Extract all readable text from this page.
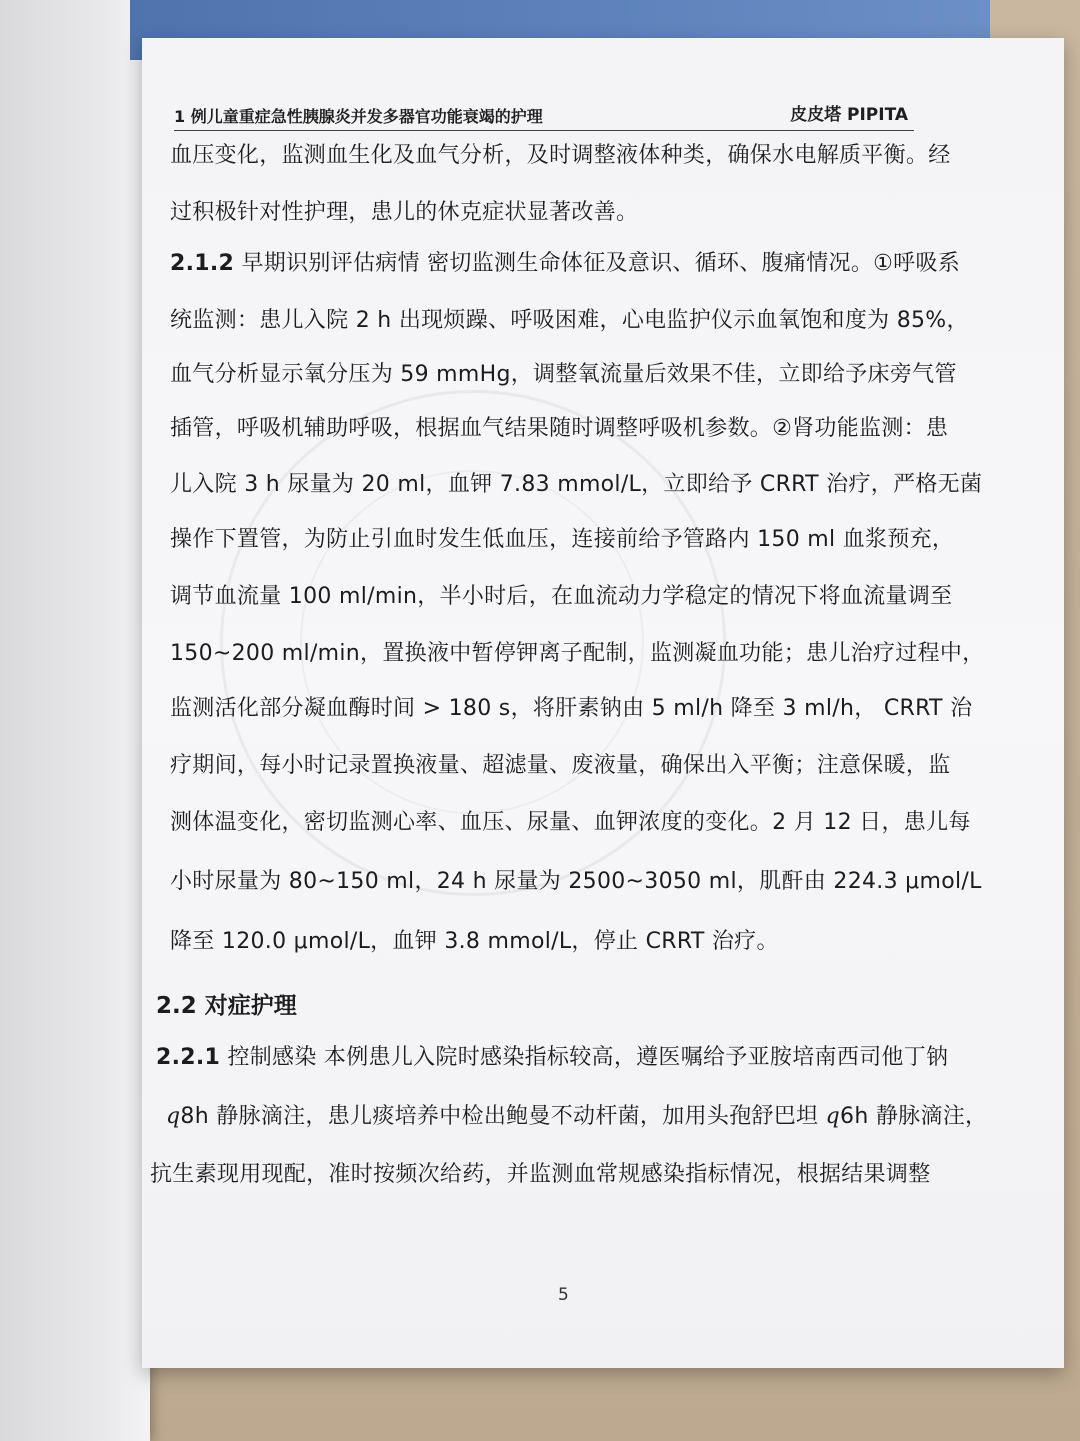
1 例儿童重症急性胰腺炎并发多器官功能衰竭的护理	皮皮塔 PIPITA
血压变化，监测血生化及血气分析，及时调整液体种类，确保水电解质平衡。经
过积极针对性护理，患儿的休克症状显著改善。
2.1.2 早期识别评估病情 密切监测生命体征及意识、循环、腹痛情况。①呼吸系
统监测：患儿入院 2 h 出现烦躁、呼吸困难，心电监护仪示血氧饱和度为 85%，
血气分析显示氧分压为 59 mmHg，调整氧流量后效果不佳，立即给予床旁气管
插管，呼吸机辅助呼吸，根据血气结果随时调整呼吸机参数。②肾功能监测：患
儿入院 3 h 尿量为 20 ml，血钾 7.83 mmol/L，立即给予 CRRT 治疗，严格无菌
操作下置管，为防止引血时发生低血压，连接前给予管路内 150 ml 血浆预充，
调节血流量 100 ml/min，半小时后，在血流动力学稳定的情况下将血流量调至
150~200 ml/min，置换液中暂停钾离子配制，监测凝血功能；患儿治疗过程中，
监测活化部分凝血酶时间 > 180 s，将肝素钠由 5 ml/h 降至 3 ml/h， CRRT 治
疗期间，每小时记录置换液量、超滤量、废液量，确保出入平衡；注意保暖，监
测体温变化，密切监测心率、血压、尿量、血钾浓度的变化。2 月 12 日，患儿每
小时尿量为 80~150 ml，24 h 尿量为 2500~3050 ml，肌酐由 224.3 μmol/L
降至 120.0 μmol/L，血钾 3.8 mmol/L，停止 CRRT 治疗。
2.2 对症护理
2.2.1 控制感染 本例患儿入院时感染指标较高，遵医嘱给予亚胺培南西司他丁钠
q8h 静脉滴注，患儿痰培养中检出鲍曼不动杆菌，加用头孢舒巴坦 q6h 静脉滴注，
抗生素现用现配，准时按频次给药，并监测血常规感染指标情况，根据结果调整
5
